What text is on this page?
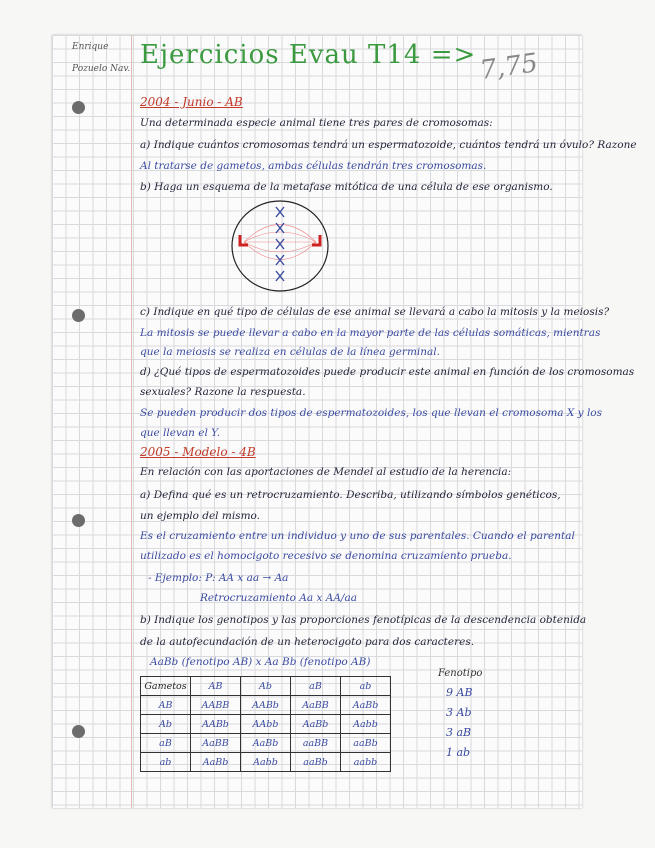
Enrique
Pozuelo Nav. Ejercicios Evau T14 => 7,75
2004 - Junio - AB
Una determinada especie animal tiene tres pares de cromosomas:
a) Indique cuántos cromosomas tendrá un espermatozoide, cuántos tendrá un óvulo? Razone
Al tratarse de gametos, ambas células tendrán tres cromosomas.
b) Haga un esquema de la metafase mitótica de una célula de ese organismo.
c) Indique en qué tipo de células de ese animal se llevará a cabo la mitosis y la meiosis?
La mitosis se puede llevar a cabo en la mayor parte de las células somáticas, mientras
que la meiosis se realiza en células de la línea germinal.
d) ¿Qué tipos de espermatozoides puede producir este animal en función de los cromosomas
sexuales? Razone la respuesta.
Se pueden producir dos tipos de espermatozoides, los que llevan el cromosoma X y los
que llevan el Y.
2005 - Modelo - 4B
En relación con las aportaciones de Mendel al estudio de la herencia:
a) Defina qué es un retrocruzamiento. Describa, utilizando símbolos genéticos,
un ejemplo del mismo.
Es el cruzamiento entre un individuo y uno de sus parentales. Cuando el parental
utilizado es el homocigoto recesivo se denomina cruzamiento prueba.
- Ejemplo: P: AA x aa → Aa
Retrocruzamiento Aa x AA/aa
b) Indique los genotipos y las proporciones fenotípicas de la descendencia obtenida
de la autofecundación de un heterocigoto para dos caracteres.
AaBb (fenotipo AB) x Aa Bb (fenotipo AB)
Gametos	AB	Ab	aB	ab
AB	AABB	AABb	AaBB	AaBb
Ab	AABb	AAbb	AaBb	Aabb
aB	AaBB	AaBb	aaBB	aaBb
ab	AaBb	Aabb	aaBb	aabb
Fenotipo
9 AB
3 Ab
3 aB
1 ab
